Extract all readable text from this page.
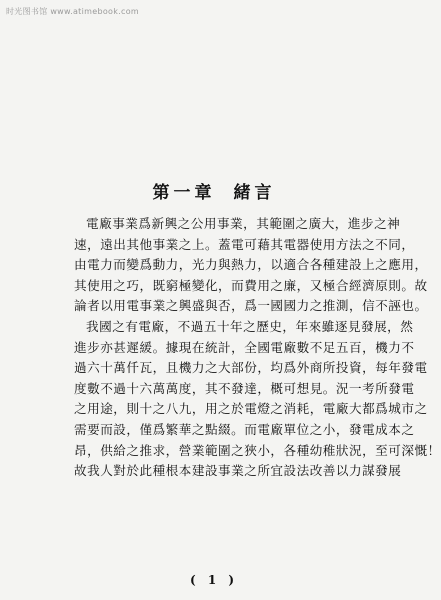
时光图书馆 www.atimebook.com
第一章 緒言
電廠事業爲新興之公用事業，其範圍之廣大，進步之神
速，遠出其他事業之上。蓋電可藉其電器使用方法之不同，
由電力而變爲動力，光力與熱力，以適合各種建設上之應用，
其使用之巧，既窮極變化，而費用之廉，又極合經濟原則。故
論者以用電事業之興盛與否，爲一國國力之推測，信不誣也。
我國之有電廠，不過五十年之歷史，年來雖逐見發展，然
進步亦甚遲緩。據現在統計，全國電廠數不足五百，機力不
過六十萬仟瓦，且機力之大部份，均爲外商所投資，每年發電
度數不過十六萬萬度，其不發達，概可想見。況一考所發電
之用途，則十之八九，用之於電燈之消耗，電廠大都爲城市之
需要而設，僅爲繁華之點綴。而電廠單位之小，發電成本之
昂，供給之推求，營業範圍之狹小，各種幼稚狀況，至可深慨！
故我人對於此種根本建設事業之所宜設法改善以力謀發展
( 1 )
